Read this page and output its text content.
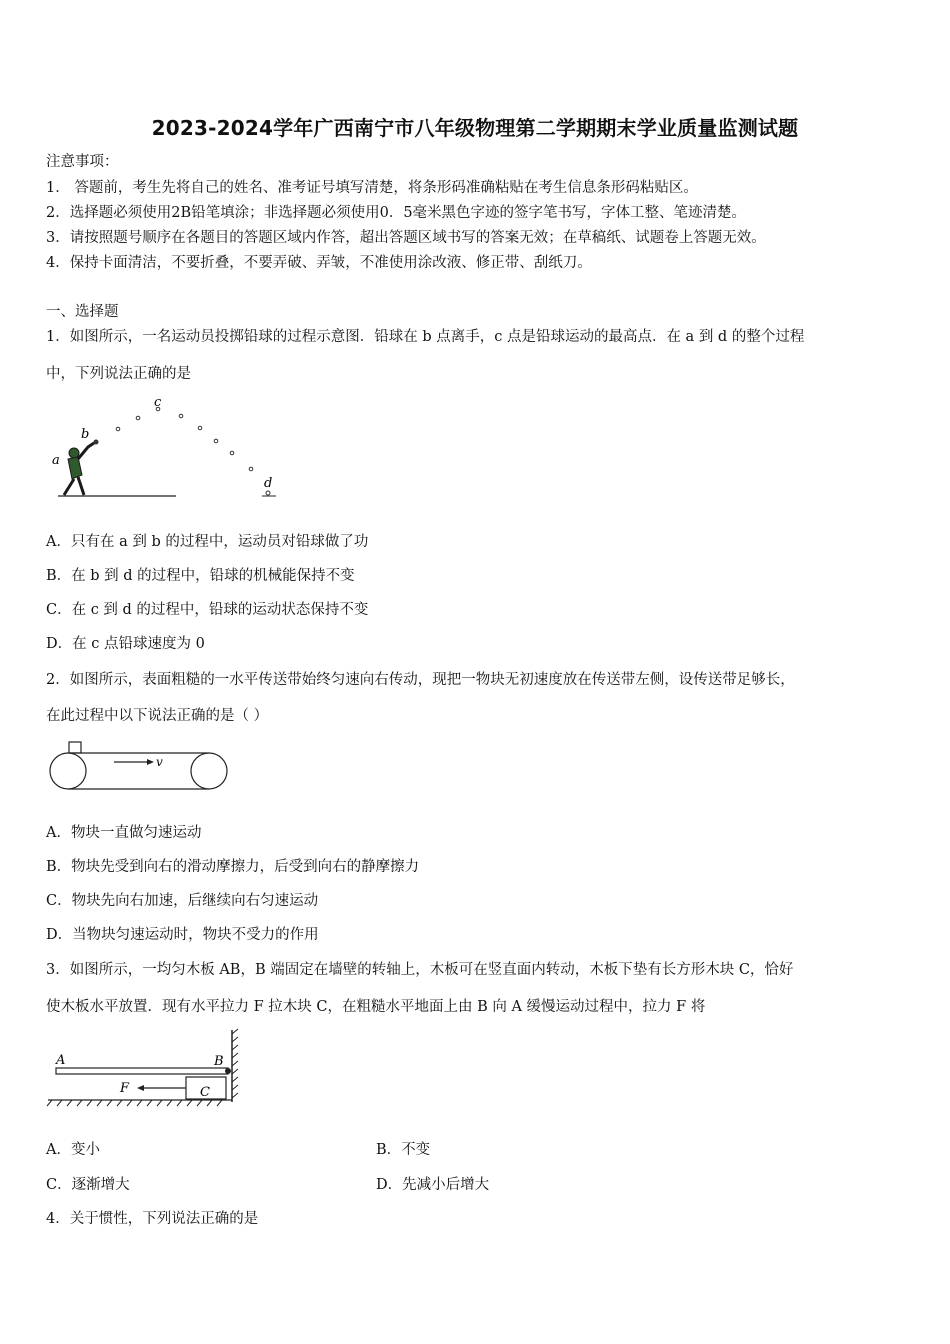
2023-2024学年广西南宁市八年级物理第二学期期末学业质量监测试题
注意事项：
1． 答题前，考生先将自己的姓名、准考证号填写清楚，将条形码准确粘贴在考生信息条形码粘贴区。
2．选择题必须使用2B铅笔填涂；非选择题必须使用0．5毫米黑色字迹的签字笔书写，字体工整、笔迹清楚。
3．请按照题号顺序在各题目的答题区域内作答，超出答题区域书写的答案无效；在草稿纸、试题卷上答题无效。
4．保持卡面清洁，不要折叠，不要弄破、弄皱，不准使用涂改液、修正带、刮纸刀。
一、选择题
1．如图所示，一名运动员投掷铅球的过程示意图．铅球在 b 点离手，c 点是铅球运动的最高点．在 a 到 d 的整个过程
中，下列说法正确的是
a
b
c
d
A．只有在 a 到 b 的过程中，运动员对铅球做了功
B．在 b 到 d 的过程中，铅球的机械能保持不变
C．在 c 到 d 的过程中，铅球的运动状态保持不变
D．在 c 点铅球速度为 0
2．如图所示，表面粗糙的一水平传送带始终匀速向右传动，现把一物块无初速度放在传送带左侧，设传送带足够长，
在此过程中以下说法正确的是（ ）
v
A．物块一直做匀速运动
B．物块先受到向右的滑动摩擦力，后受到向右的静摩擦力
C．物块先向右加速，后继续向右匀速运动
D．当物块匀速运动时，物块不受力的作用
3．如图所示，一均匀木板 AB，B 端固定在墙壁的转轴上，木板可在竖直面内转动，木板下垫有长方形木块 C，恰好
使木板水平放置．现有水平拉力 F 拉木块 C，在粗糙水平地面上由 B 向 A 缓慢运动过程中，拉力 F 将
A	B
F	C
A．变小	B．不变
C．逐渐增大	D．先减小后增大
4．关于惯性，下列说法正确的是
